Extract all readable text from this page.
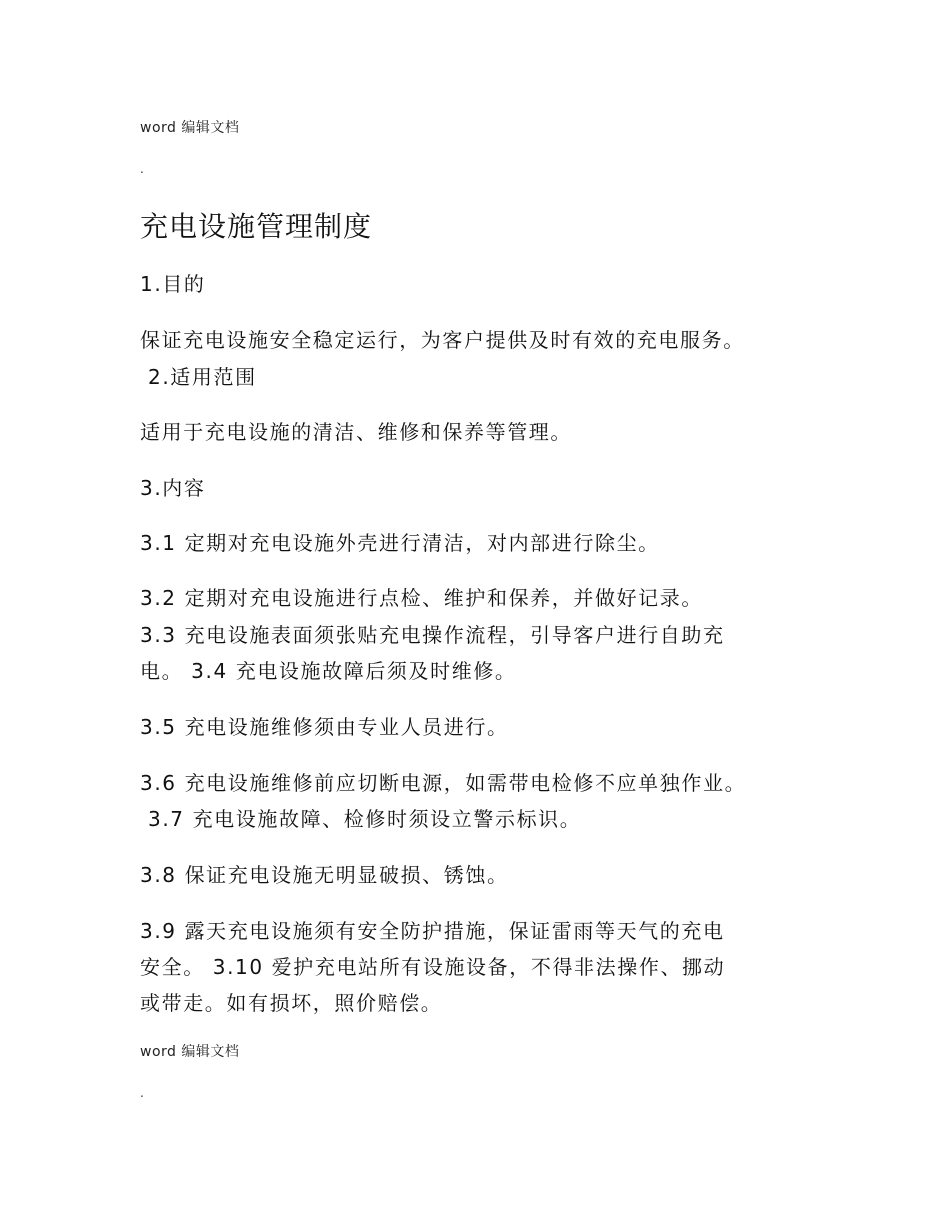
word 编辑文档

.

充电设施管理制度

1.目的

保证充电设施安全稳定运行，为客户提供及时有效的充电服务。

2.适用范围

适用于充电设施的清洁、维修和保养等管理。

3.内容

3.1 定期对充电设施外壳进行清洁，对内部进行除尘。

3.2 定期对充电设施进行点检、维护和保养，并做好记录。

3.3 充电设施表面须张贴充电操作流程，引导客户进行自助充

电。 3.4 充电设施故障后须及时维修。

3.5 充电设施维修须由专业人员进行。

3.6 充电设施维修前应切断电源，如需带电检修不应单独作业。

3.7 充电设施故障、检修时须设立警示标识。

3.8 保证充电设施无明显破损、锈蚀。

3.9 露天充电设施须有安全防护措施，保证雷雨等天气的充电

安全。 3.10 爱护充电站所有设施设备，不得非法操作、挪动

或带走。如有损坏，照价赔偿。

word 编辑文档

.
